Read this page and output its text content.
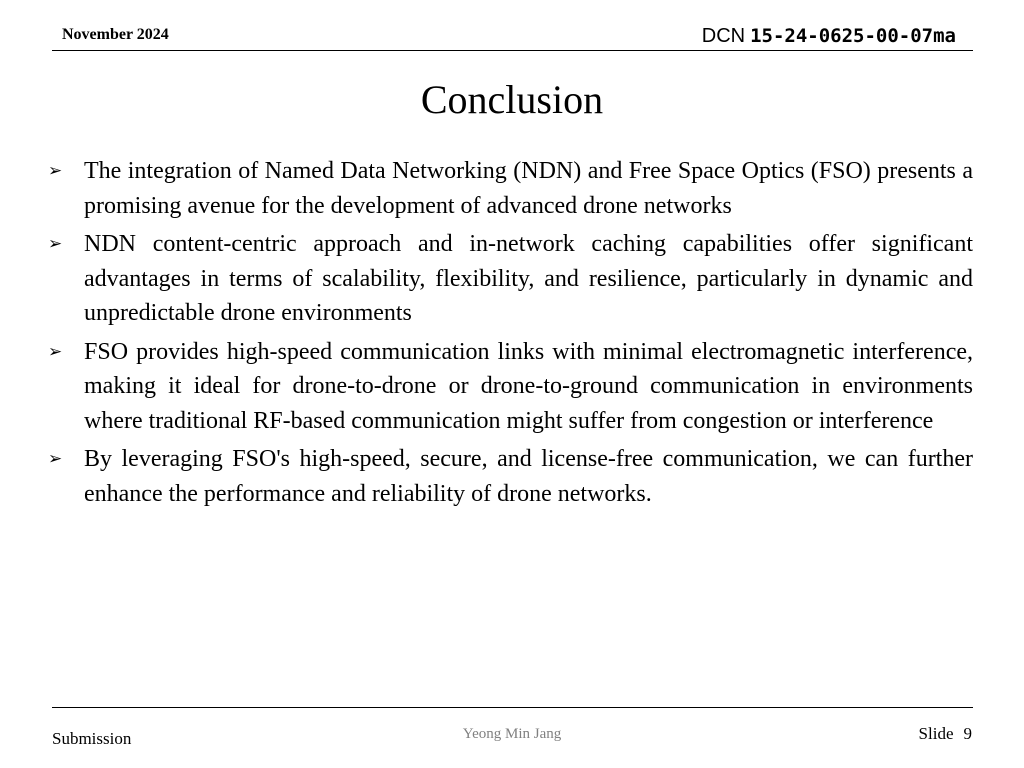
November 2024	DCN 15-24-0625-00-07ma
Conclusion
➢ The integration of Named Data Networking (NDN) and Free Space Optics (FSO) presents a promising avenue for the development of advanced drone networks
➢ NDN content-centric approach and in-network caching capabilities offer significant advantages in terms of scalability, flexibility, and resilience, particularly in dynamic and unpredictable drone environments
➢ FSO provides high-speed communication links with minimal electromagnetic interference, making it ideal for drone-to-drone or drone-to-ground communication in environments where traditional RF-based communication might suffer from congestion or interference
➢ By leveraging FSO's high-speed, secure, and license-free communication, we can further enhance the performance and reliability of drone networks.
Submission	Yeong Min Jang	Slide 9
